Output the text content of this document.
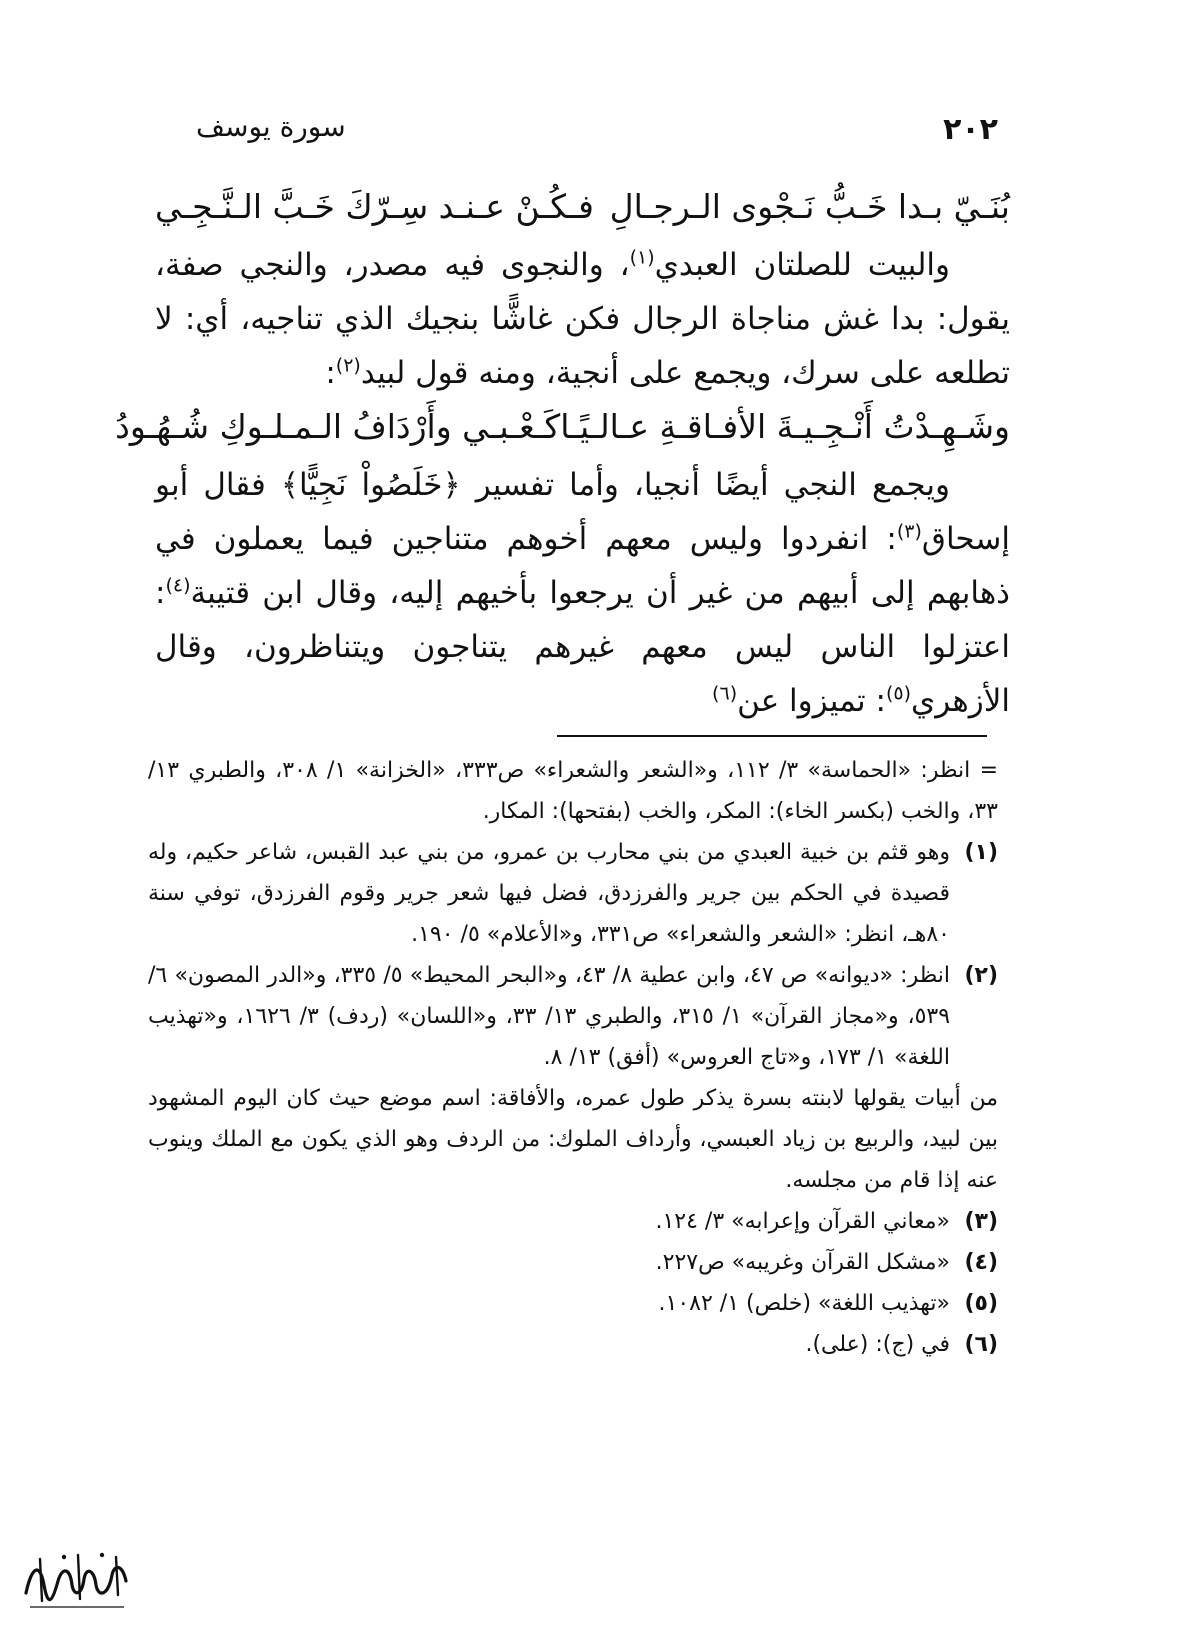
٢٠٢
سورة يوسف
بُنَـيّ بـدا خَـبُّ نَـجْوى الـرجـالِ
فـكُـنْ عـنـد سِـرّكَ خَـبَّ الـنَّـجِـي

والبيت للصلتان العبدي$^{(١)}$، والنجوى فيه مصدر، والنجي صفة، يقول: بدا غش مناجاة الرجال فكن غاشًّا بنجيك الذي تناجيه، أي: لا تطلعه على سرك، ويجمع على أنجية، ومنه قول لبيد$^{(٢)}$:

وشَـهِـدْتُ أَنْـجِـيـةَ الأفـاقـةِ عـالـيًـا
كَـعْـبـي وأَرْدَافُ الـمـلـوكِ شُـهُـودُ

ويجمع النجي أيضًا أنجيا، وأما تفسير ﴿خَلَصُواْ نَجِيًّا﴾ فقال أبو إسحاق$^{(٣)}$: انفردوا وليس معهم أخوهم متناجين فيما يعملون في ذهابهم إلى أبيهم من غير أن يرجعوا بأخيهم إليه، وقال ابن قتيبة$^{(٤)}$: اعتزلوا الناس ليس معهم غيرهم يتناجون ويتناظرون، وقال الأزهري$^{(٥)}$: تميزوا عن$^{(٦)}$

= انظر: «الحماسة» ٣/ ١١٢، و«الشعر والشعراء» ص٣٣٣، «الخزانة» ١/ ٣٠٨، والطبري ١٣/ ٣٣، والخب (بكسر الخاء): المكر، والخب (بفتحها): المكار.

(١)
وهو قثم بن خبية العبدي من بني محارب بن عمرو، من بني عبد القبس، شاعر حكيم، وله قصيدة في الحكم بين جرير والفرزدق، فضل فيها شعر جرير وقوم الفرزدق، توفي سنة ٨٠هـ، انظر: «الشعر والشعراء» ص٣٣١، و«الأعلام» ٥/ ١٩٠.
(٢)
انظر: «ديوانه» ص ٤٧، وابن عطية ٨/ ٤٣، و«البحر المحيط» ٥/ ٣٣٥، و«الدر المصون» ٦/ ٥٣٩، و«مجاز القرآن» ١/ ٣١٥، والطبري ١٣/ ٣٣، و«اللسان» (ردف) ٣/ ١٦٢٦، و«تهذيب اللغة» ١/ ١٧٣، و«تاج العروس» (أفق) ١٣/ ٨.

من أبيات يقولها لابنته بسرة يذكر طول عمره، والأفاقة: اسم موضع حيث كان اليوم المشهود بين لبيد، والربيع بن زياد العبسي، وأرداف الملوك: من الردف وهو الذي يكون مع الملك وينوب عنه إذا قام من مجلسه.

(٣)
«معاني القرآن وإعرابه» ٣/ ١٢٤.
(٤)
«مشكل القرآن وغريبه» ص٢٢٧.
(٥)
«تهذيب اللغة» (خلص) ١/ ١٠٨٢.
(٦)
في (ج): (على).
